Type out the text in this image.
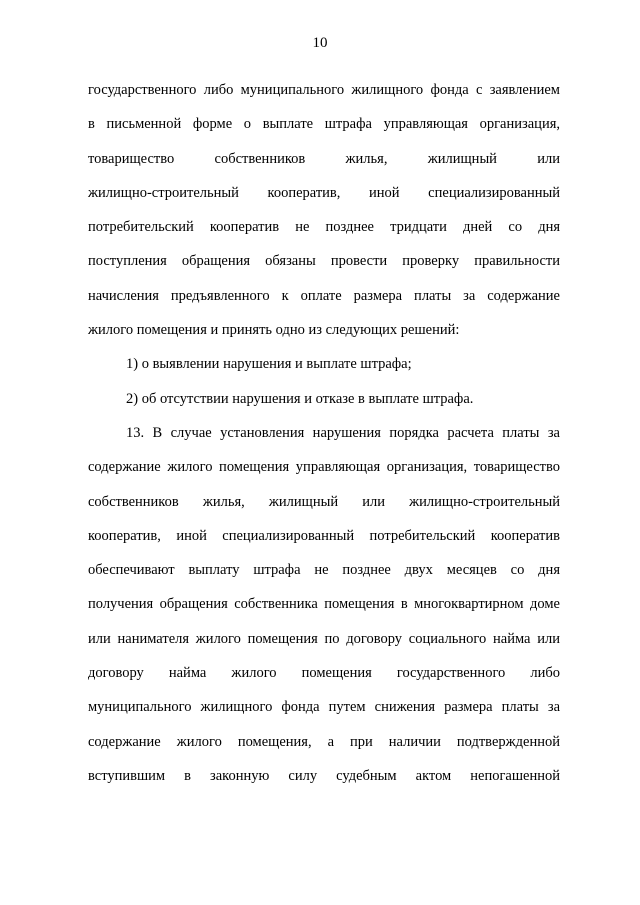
10
государственного либо муниципального жилищного фонда с заявлением
в письменной форме о выплате штрафа управляющая организация,
товарищество собственников жилья, жилищный или
жилищно-строительный кооператив, иной специализированный
потребительский кооператив не позднее тридцати дней со дня
поступления обращения обязаны провести проверку правильности
начисления предъявленного к оплате размера платы за содержание
жилого помещения и принять одно из следующих решений:
1) о выявлении нарушения и выплате штрафа;
2) об отсутствии нарушения и отказе в выплате штрафа.
13. В случае установления нарушения порядка расчета платы за
содержание жилого помещения управляющая организация, товарищество
собственников жилья, жилищный или жилищно-строительный
кооператив, иной специализированный потребительский кооператив
обеспечивают выплату штрафа не позднее двух месяцев со дня
получения обращения собственника помещения в многоквартирном доме
или нанимателя жилого помещения по договору социального найма или
договору найма жилого помещения государственного либо
муниципального жилищного фонда путем снижения размера платы за
содержание жилого помещения, а при наличии подтвержденной
вступившим в законную силу судебным актом непогашенной
